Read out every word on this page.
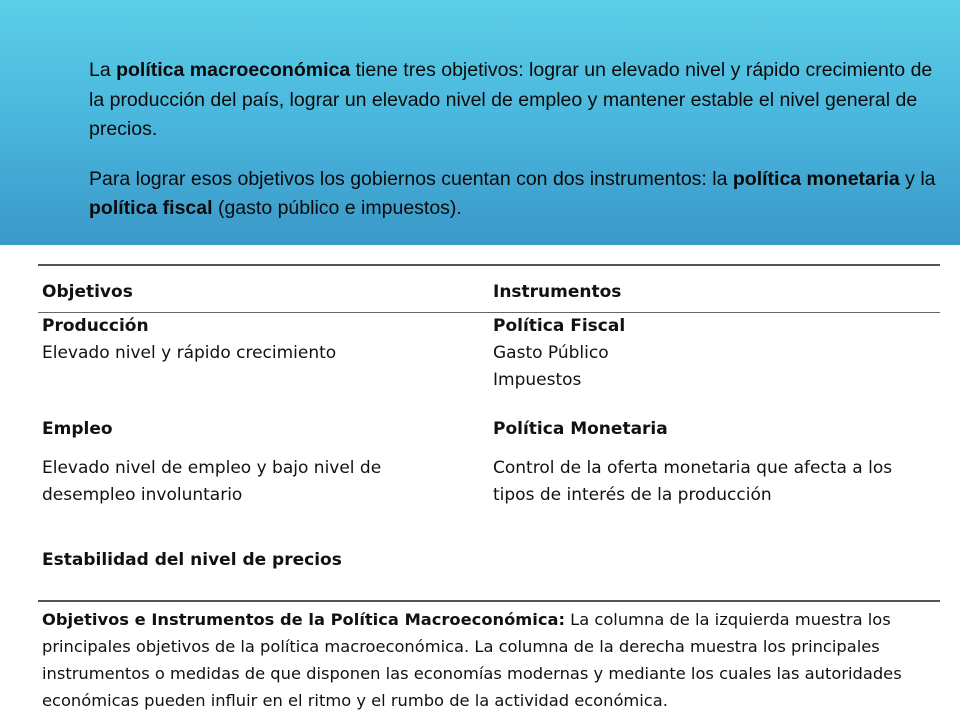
La política macroeconómica tiene tres objetivos: lograr un elevado nivel y rápido crecimiento de la producción del país, lograr un elevado nivel de empleo y mantener estable el nivel general de precios.

Para lograr esos objetivos los gobiernos cuentan con dos instrumentos: la política monetaria y la política fiscal (gasto público e impuestos).

Objetivos	Instrumentos
Producción
Elevado nivel y rápido crecimiento
Política Fiscal
Gasto Público
Impuestos
Empleo
Elevado nivel de empleo y bajo nivel de
desempleo involuntario
Política Monetaria
Control de la oferta monetaria que afecta a los
tipos de interés de la producción
Estabilidad del nivel de precios
Objetivos e Instrumentos de la Política Macroeconómica: La columna de la izquierda muestra los principales objetivos de la política macroeconómica. La columna de la derecha muestra los principales instrumentos o medidas de que disponen las economías modernas y mediante los cuales las autoridades económicas pueden influir en el ritmo y el rumbo de la actividad económica.
